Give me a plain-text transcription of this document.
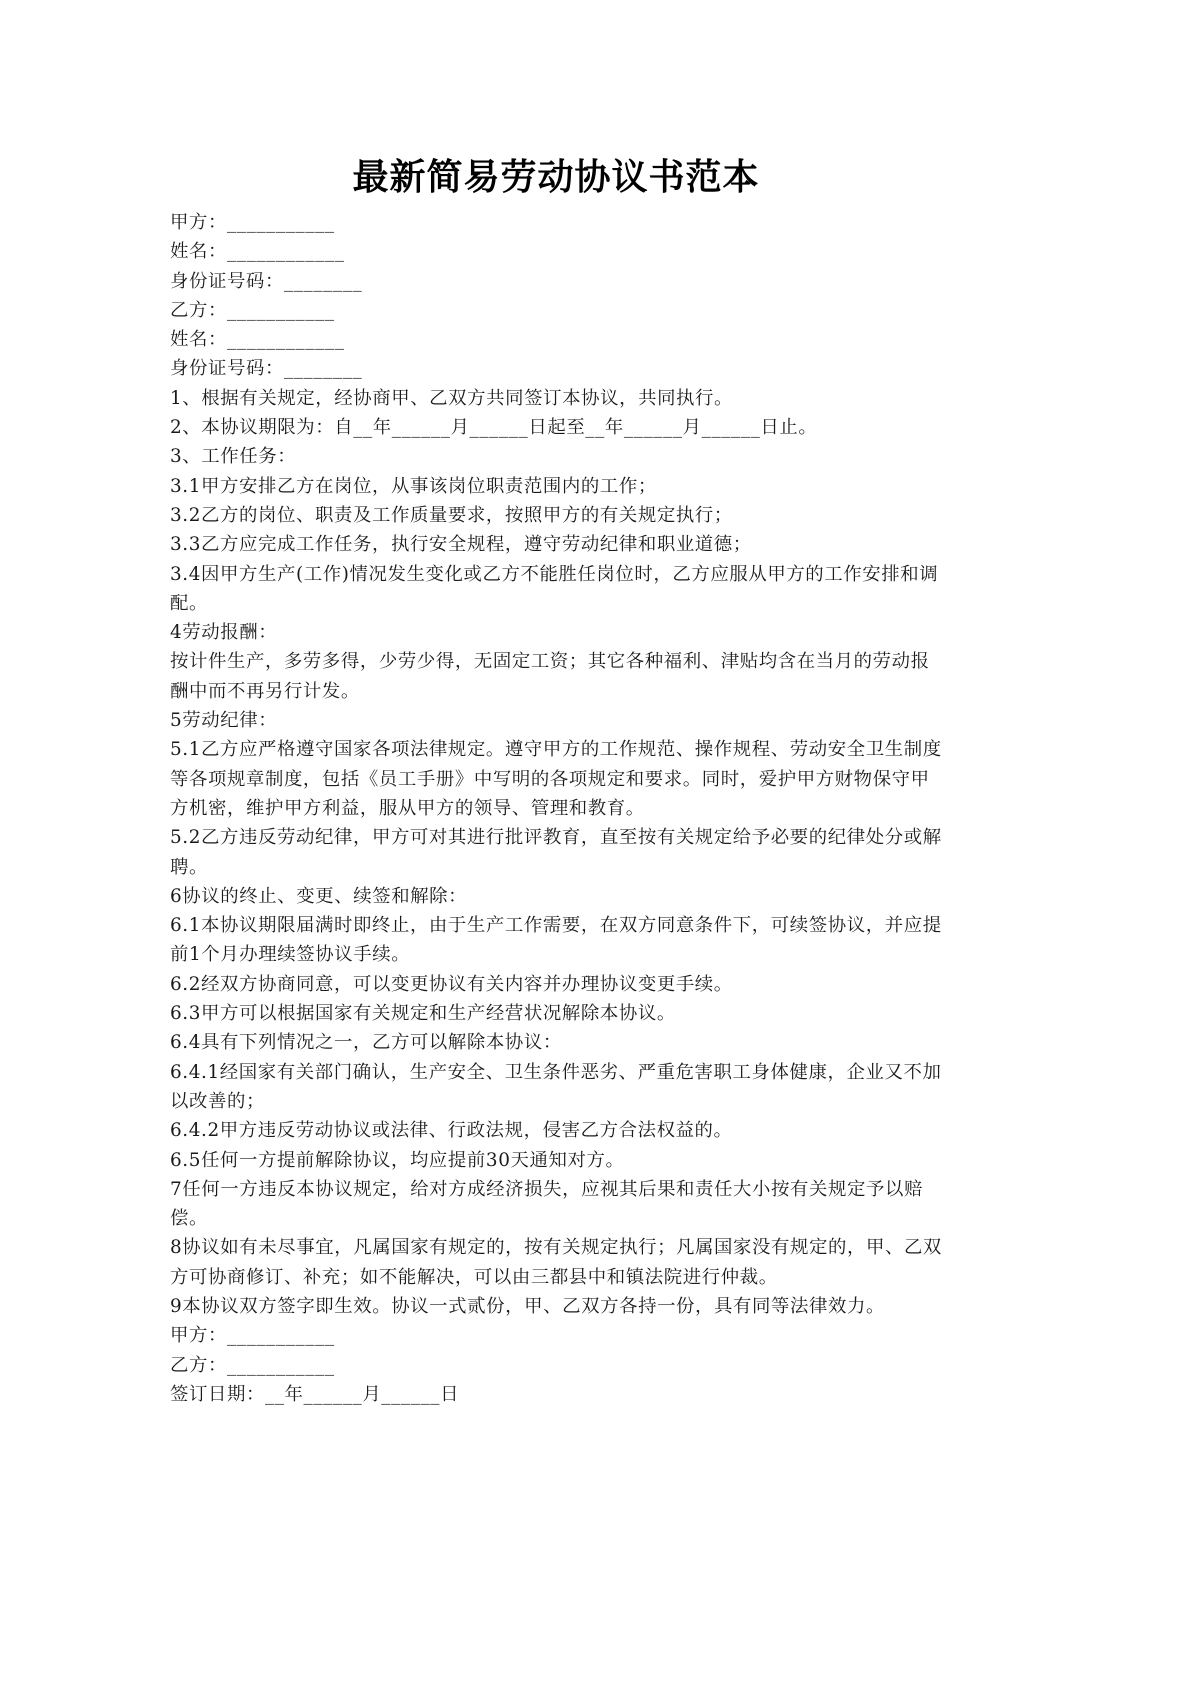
最新简易劳动协议书范本

甲方：___________

姓名：____________

身份证号码：________

乙方：___________

姓名：____________

身份证号码：________

1、根据有关规定，经协商甲、乙双方共同签订本协议，共同执行。

2、本协议期限为：自__年______月______日起至__年______月______日止。

3、工作任务：

3.1甲方安排乙方在岗位，从事该岗位职责范围内的工作；

3.2乙方的岗位、职责及工作质量要求，按照甲方的有关规定执行；

3.3乙方应完成工作任务，执行安全规程，遵守劳动纪律和职业道德；

3.4因甲方生产(工作)情况发生变化或乙方不能胜任岗位时，乙方应服从甲方的工作安排和调配。

4劳动报酬：

按计件生产，多劳多得，少劳少得，无固定工资；其它各种福利、津贴均含在当月的劳动报酬中而不再另行计发。

5劳动纪律：

5.1乙方应严格遵守国家各项法律规定。遵守甲方的工作规范、操作规程、劳动安全卫生制度等各项规章制度，包括《员工手册》中写明的各项规定和要求。同时，爱护甲方财物保守甲方机密，维护甲方利益，服从甲方的领导、管理和教育。

5.2乙方违反劳动纪律，甲方可对其进行批评教育，直至按有关规定给予必要的纪律处分或解聘。

6协议的终止、变更、续签和解除：

6.1本协议期限届满时即终止，由于生产工作需要，在双方同意条件下，可续签协议，并应提前1个月办理续签协议手续。

6.2经双方协商同意，可以变更协议有关内容并办理协议变更手续。

6.3甲方可以根据国家有关规定和生产经营状况解除本协议。

6.4具有下列情况之一，乙方可以解除本协议：

6.4.1经国家有关部门确认，生产安全、卫生条件恶劣、严重危害职工身体健康，企业又不加以改善的；

6.4.2甲方违反劳动协议或法律、行政法规，侵害乙方合法权益的。

6.5任何一方提前解除协议，均应提前30天通知对方。

7任何一方违反本协议规定，给对方成经济损失，应视其后果和责任大小按有关规定予以赔偿。

8协议如有未尽事宜，凡属国家有规定的，按有关规定执行；凡属国家没有规定的，甲、乙双方可协商修订、补充；如不能解决，可以由三都县中和镇法院进行仲裁。

9本协议双方签字即生效。协议一式贰份，甲、乙双方各持一份，具有同等法律效力。

甲方：___________

乙方：___________

签订日期：__年______月______日
